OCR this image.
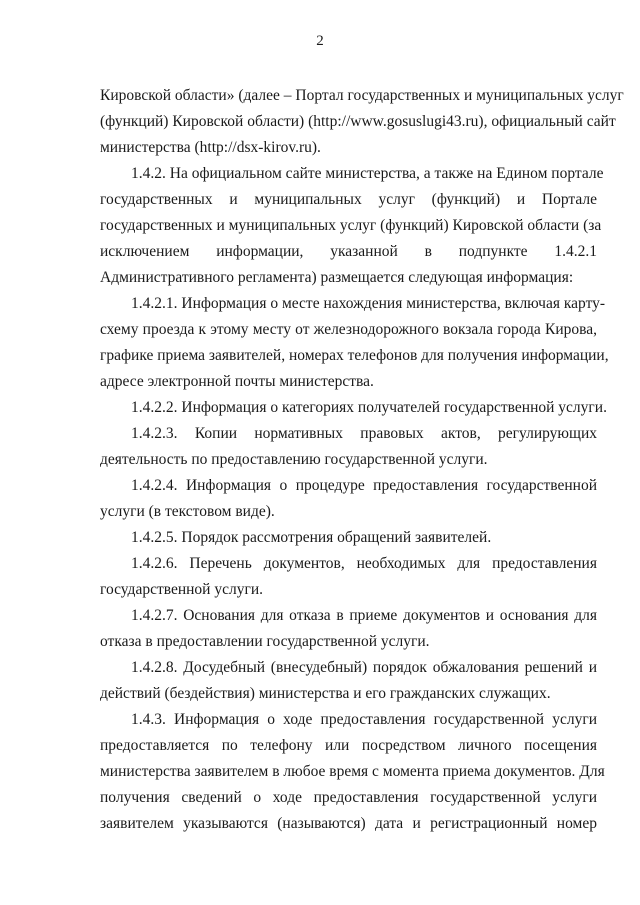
2
Кировской области» (далее – Портал государственных и муниципальных услуг
(функций) Кировской области) (http://www.gosuslugi43.ru), официальный сайт
министерства (http://dsx-kirov.ru).
1.4.2. На официальном сайте министерства, а также на Едином портале
государственных и муниципальных услуг (функций) и Портале
государственных и муниципальных услуг (функций) Кировской области (за
исключением информации, указанной в подпункте 1.4.2.1
Административного регламента) размещается следующая информация:
1.4.2.1. Информация о месте нахождения министерства, включая карту-
схему проезда к этому месту от железнодорожного вокзала города Кирова,
графике приема заявителей, номерах телефонов для получения информации,
адресе электронной почты министерства.
1.4.2.2. Информация о категориях получателей государственной услуги.
1.4.2.3. Копии нормативных правовых актов, регулирующих
деятельность по предоставлению государственной услуги.
1.4.2.4. Информация о процедуре предоставления государственной
услуги (в текстовом виде).
1.4.2.5. Порядок рассмотрения обращений заявителей.
1.4.2.6. Перечень документов, необходимых для предоставления
государственной услуги.
1.4.2.7. Основания для отказа в приеме документов и основания для
отказа в предоставлении государственной услуги.
1.4.2.8. Досудебный (внесудебный) порядок обжалования решений и
действий (бездействия) министерства и его гражданских служащих.
1.4.3. Информация о ходе предоставления государственной услуги
предоставляется по телефону или посредством личного посещения
министерства заявителем в любое время с момента приема документов. Для
получения сведений о ходе предоставления государственной услуги
заявителем указываются (называются) дата и регистрационный номер
